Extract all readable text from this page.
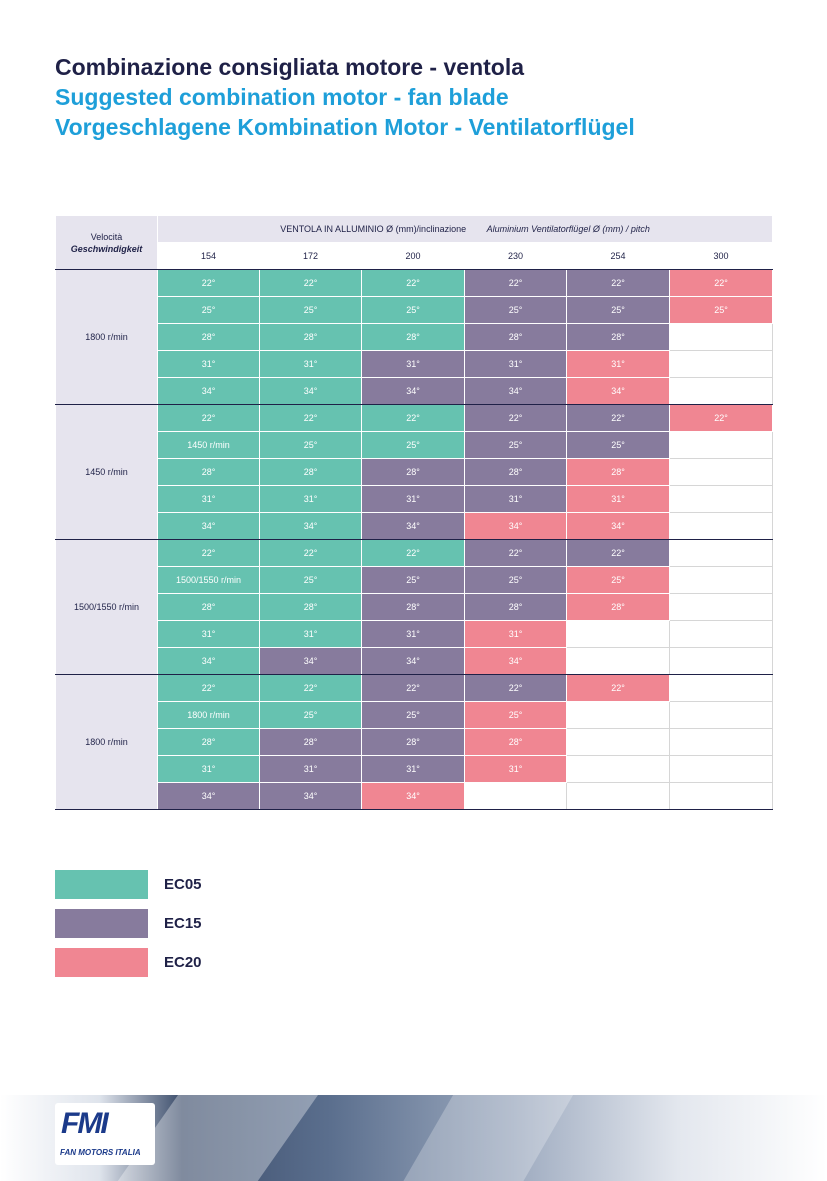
Combinazione consigliata motore - ventola
Suggested combination motor - fan blade
Vorgeschlagene Kombination Motor - Ventilatorflügel
Velocità
Geschwindigkeit	VENTOLA IN ALLUMINIO Ø (mm)/inclinazione Aluminium Ventilatorflügel Ø (mm) / pitch					
	154	172	200	230	254	300
1800 r/min	22°	22°	22°	22°	22°	22°
	25°	25°	25°	25°	25°	25°
	28°	28°	28°	28°	28°	
	31°	31°	31°	31°	31°	
	34°	34°	34°	34°	34°	
1450 r/min	22°	22°	22°	22°	22°	22°
	1450 r/min	25°	25°	25°	25°	
	28°	28°	28°	28°	28°	
	31°	31°	31°	31°	31°	
	34°	34°	34°	34°	34°	
1500/1550 r/min	22°	22°	22°	22°	22°	
	1500/1550 r/min	25°	25°	25°	25°	
	28°	28°	28°	28°	28°	
	31°	31°	31°	31°		
	34°	34°	34°	34°		
1800 r/min	22°	22°	22°	22°	22°	
	1800 r/min	25°	25°	25°		
	28°	28°	28°	28°		
	31°	31°	31°	31°		
	34°	34°	34°			
EC05
EC15
EC20
FMI
FAN MOTORS ITALIA
